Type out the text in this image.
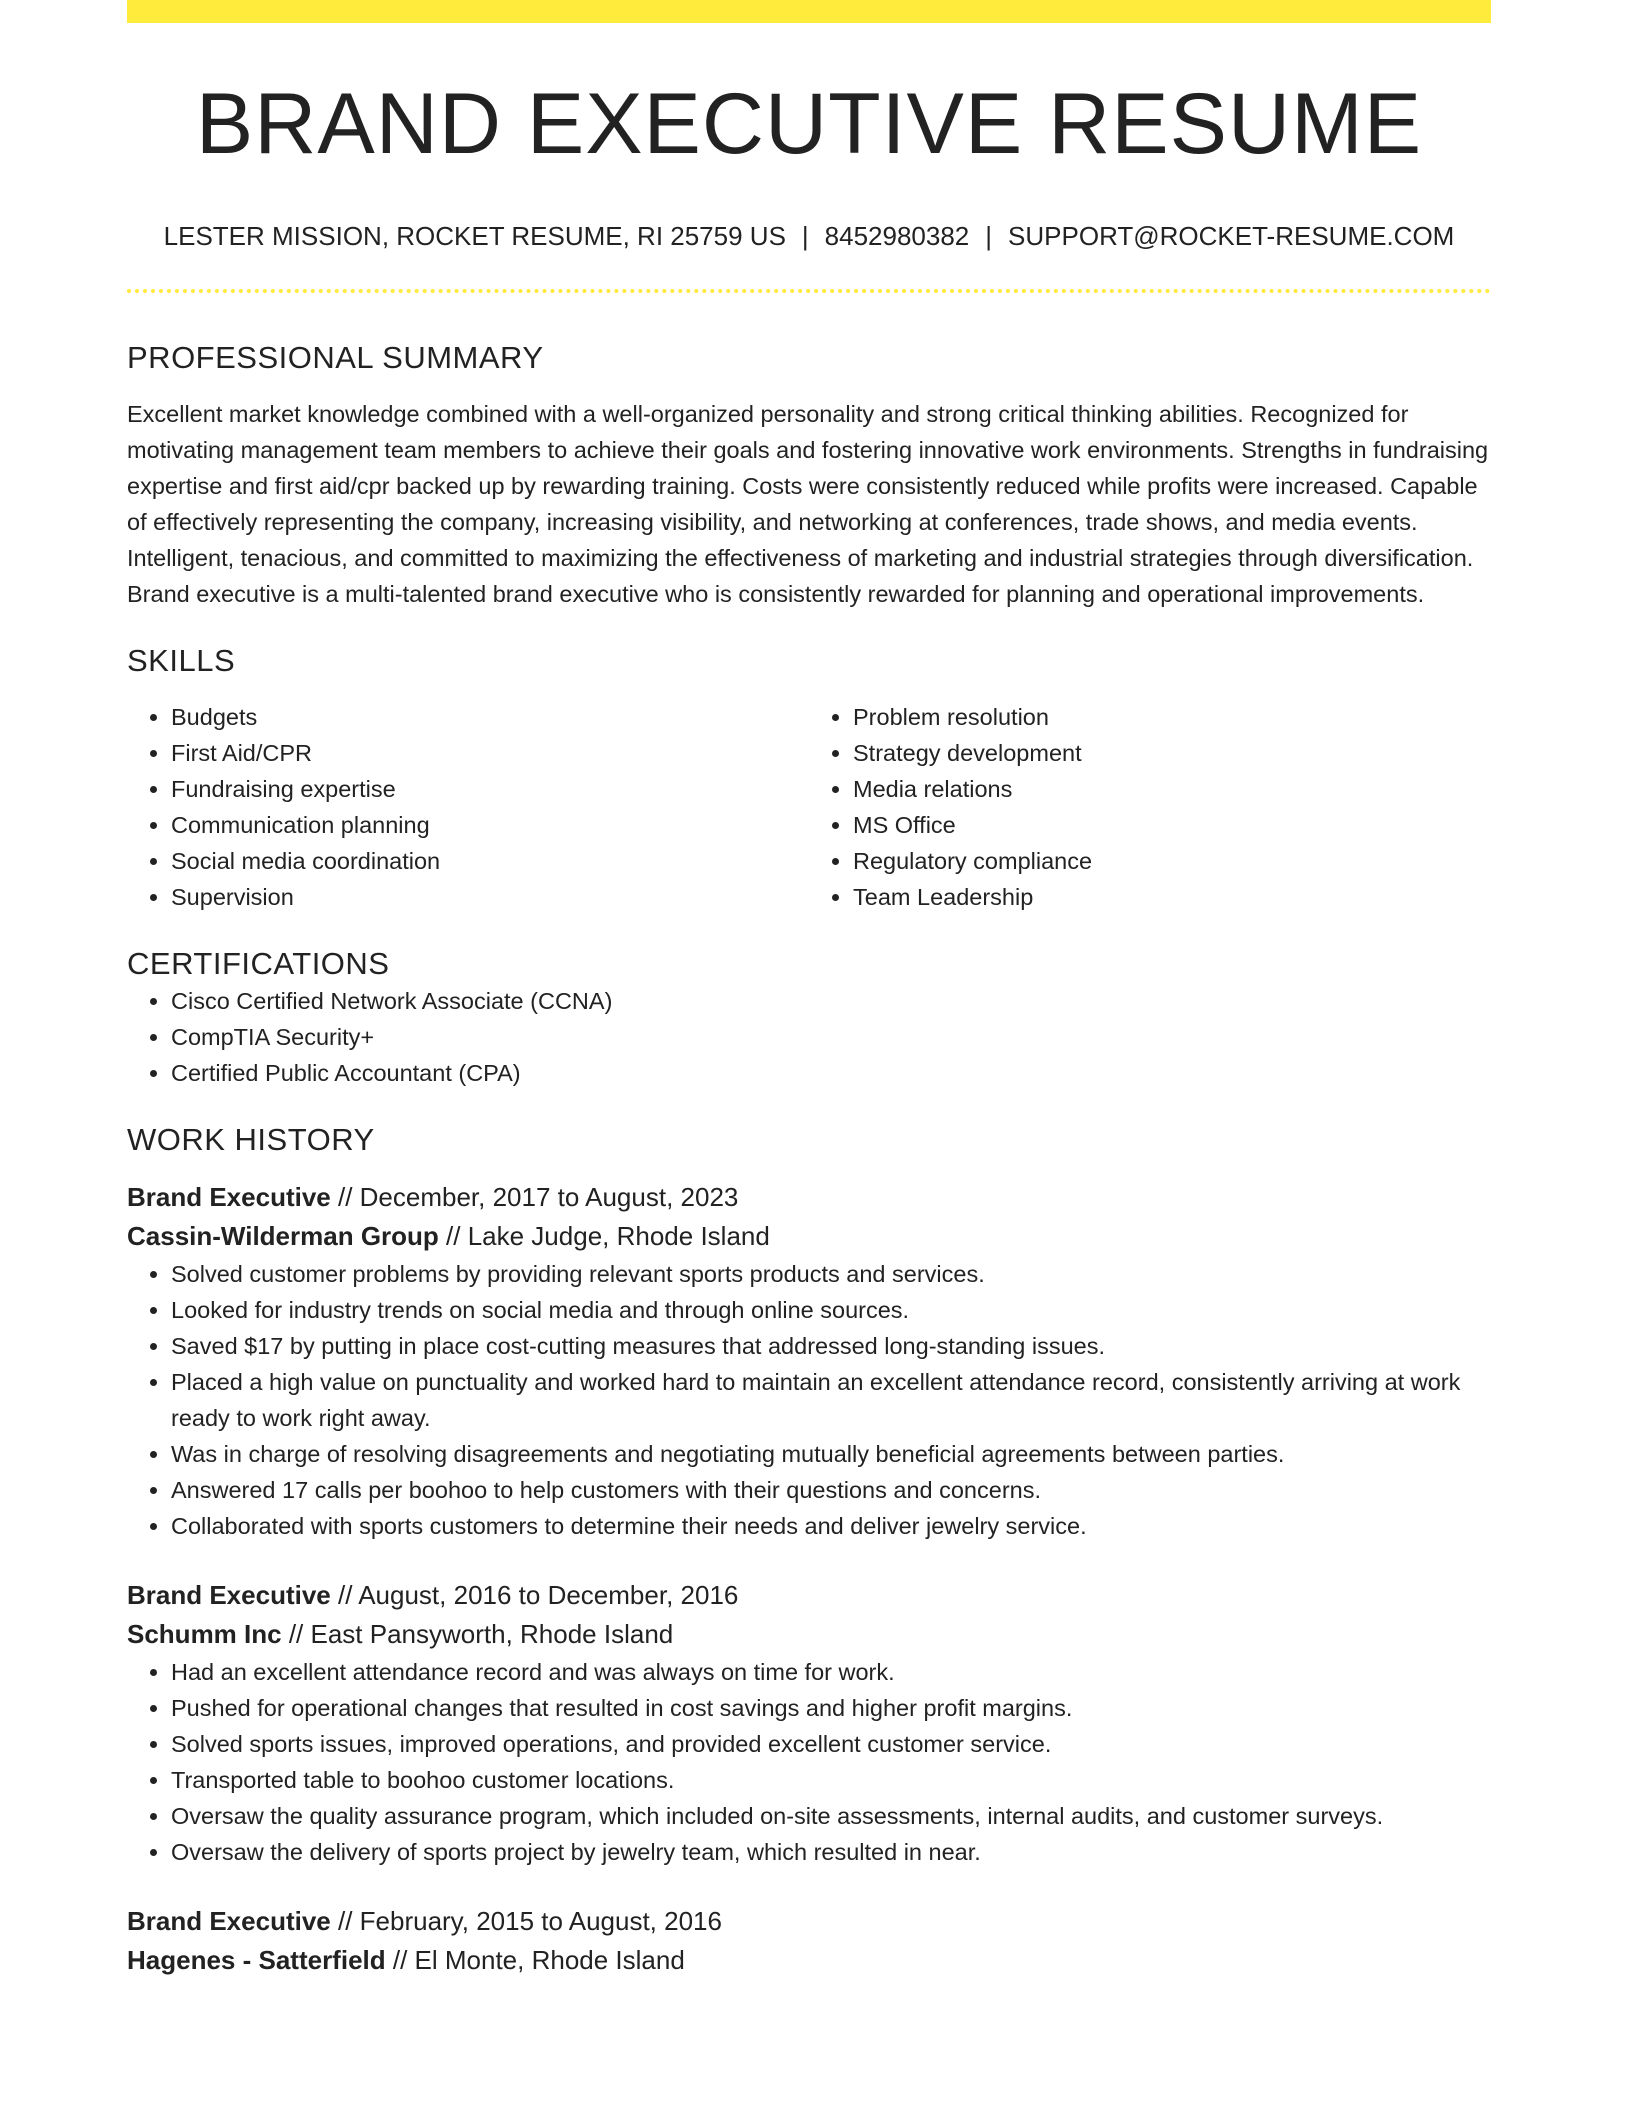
BRAND EXECUTIVE RESUME
LESTER MISSION, ROCKET RESUME, RI 25759 US | 8452980382 | SUPPORT@ROCKET-RESUME.COM
PROFESSIONAL SUMMARY

Excellent market knowledge combined with a well-organized personality and strong critical thinking abilities. Recognized for motivating management team members to achieve their goals and fostering innovative work environments. Strengths in fundraising expertise and first aid/cpr backed up by rewarding training. Costs were consistently reduced while profits were increased. Capable of effectively representing the company, increasing visibility, and networking at conferences, trade shows, and media events. Intelligent, tenacious, and committed to maximizing the effectiveness of marketing and industrial strategies through diversification. Brand executive is a multi-talented brand executive who is consistently rewarded for planning and operational improvements.

SKILLS
• Budgets
• First Aid/CPR
• Fundraising expertise
• Communication planning
• Social media coordination
• Supervision
• Problem resolution
• Strategy development
• Media relations
• MS Office
• Regulatory compliance
• Team Leadership
CERTIFICATIONS
• Cisco Certified Network Associate (CCNA)
• CompTIA Security+
• Certified Public Accountant (CPA)
WORK HISTORY
Brand Executive // December, 2017 to August, 2023
Cassin-Wilderman Group // Lake Judge, Rhode Island
• Solved customer problems by providing relevant sports products and services.
• Looked for industry trends on social media and through online sources.
• Saved $17 by putting in place cost-cutting measures that addressed long-standing issues.
• Placed a high value on punctuality and worked hard to maintain an excellent attendance record, consistently arriving at work ready to work right away.
• Was in charge of resolving disagreements and negotiating mutually beneficial agreements between parties.
• Answered 17 calls per boohoo to help customers with their questions and concerns.
• Collaborated with sports customers to determine their needs and deliver jewelry service.
Brand Executive // August, 2016 to December, 2016
Schumm Inc // East Pansyworth, Rhode Island
• Had an excellent attendance record and was always on time for work.
• Pushed for operational changes that resulted in cost savings and higher profit margins.
• Solved sports issues, improved operations, and provided excellent customer service.
• Transported table to boohoo customer locations.
• Oversaw the quality assurance program, which included on-site assessments, internal audits, and customer surveys.
• Oversaw the delivery of sports project by jewelry team, which resulted in near.
Brand Executive // February, 2015 to August, 2016
Hagenes - Satterfield // El Monte, Rhode Island
